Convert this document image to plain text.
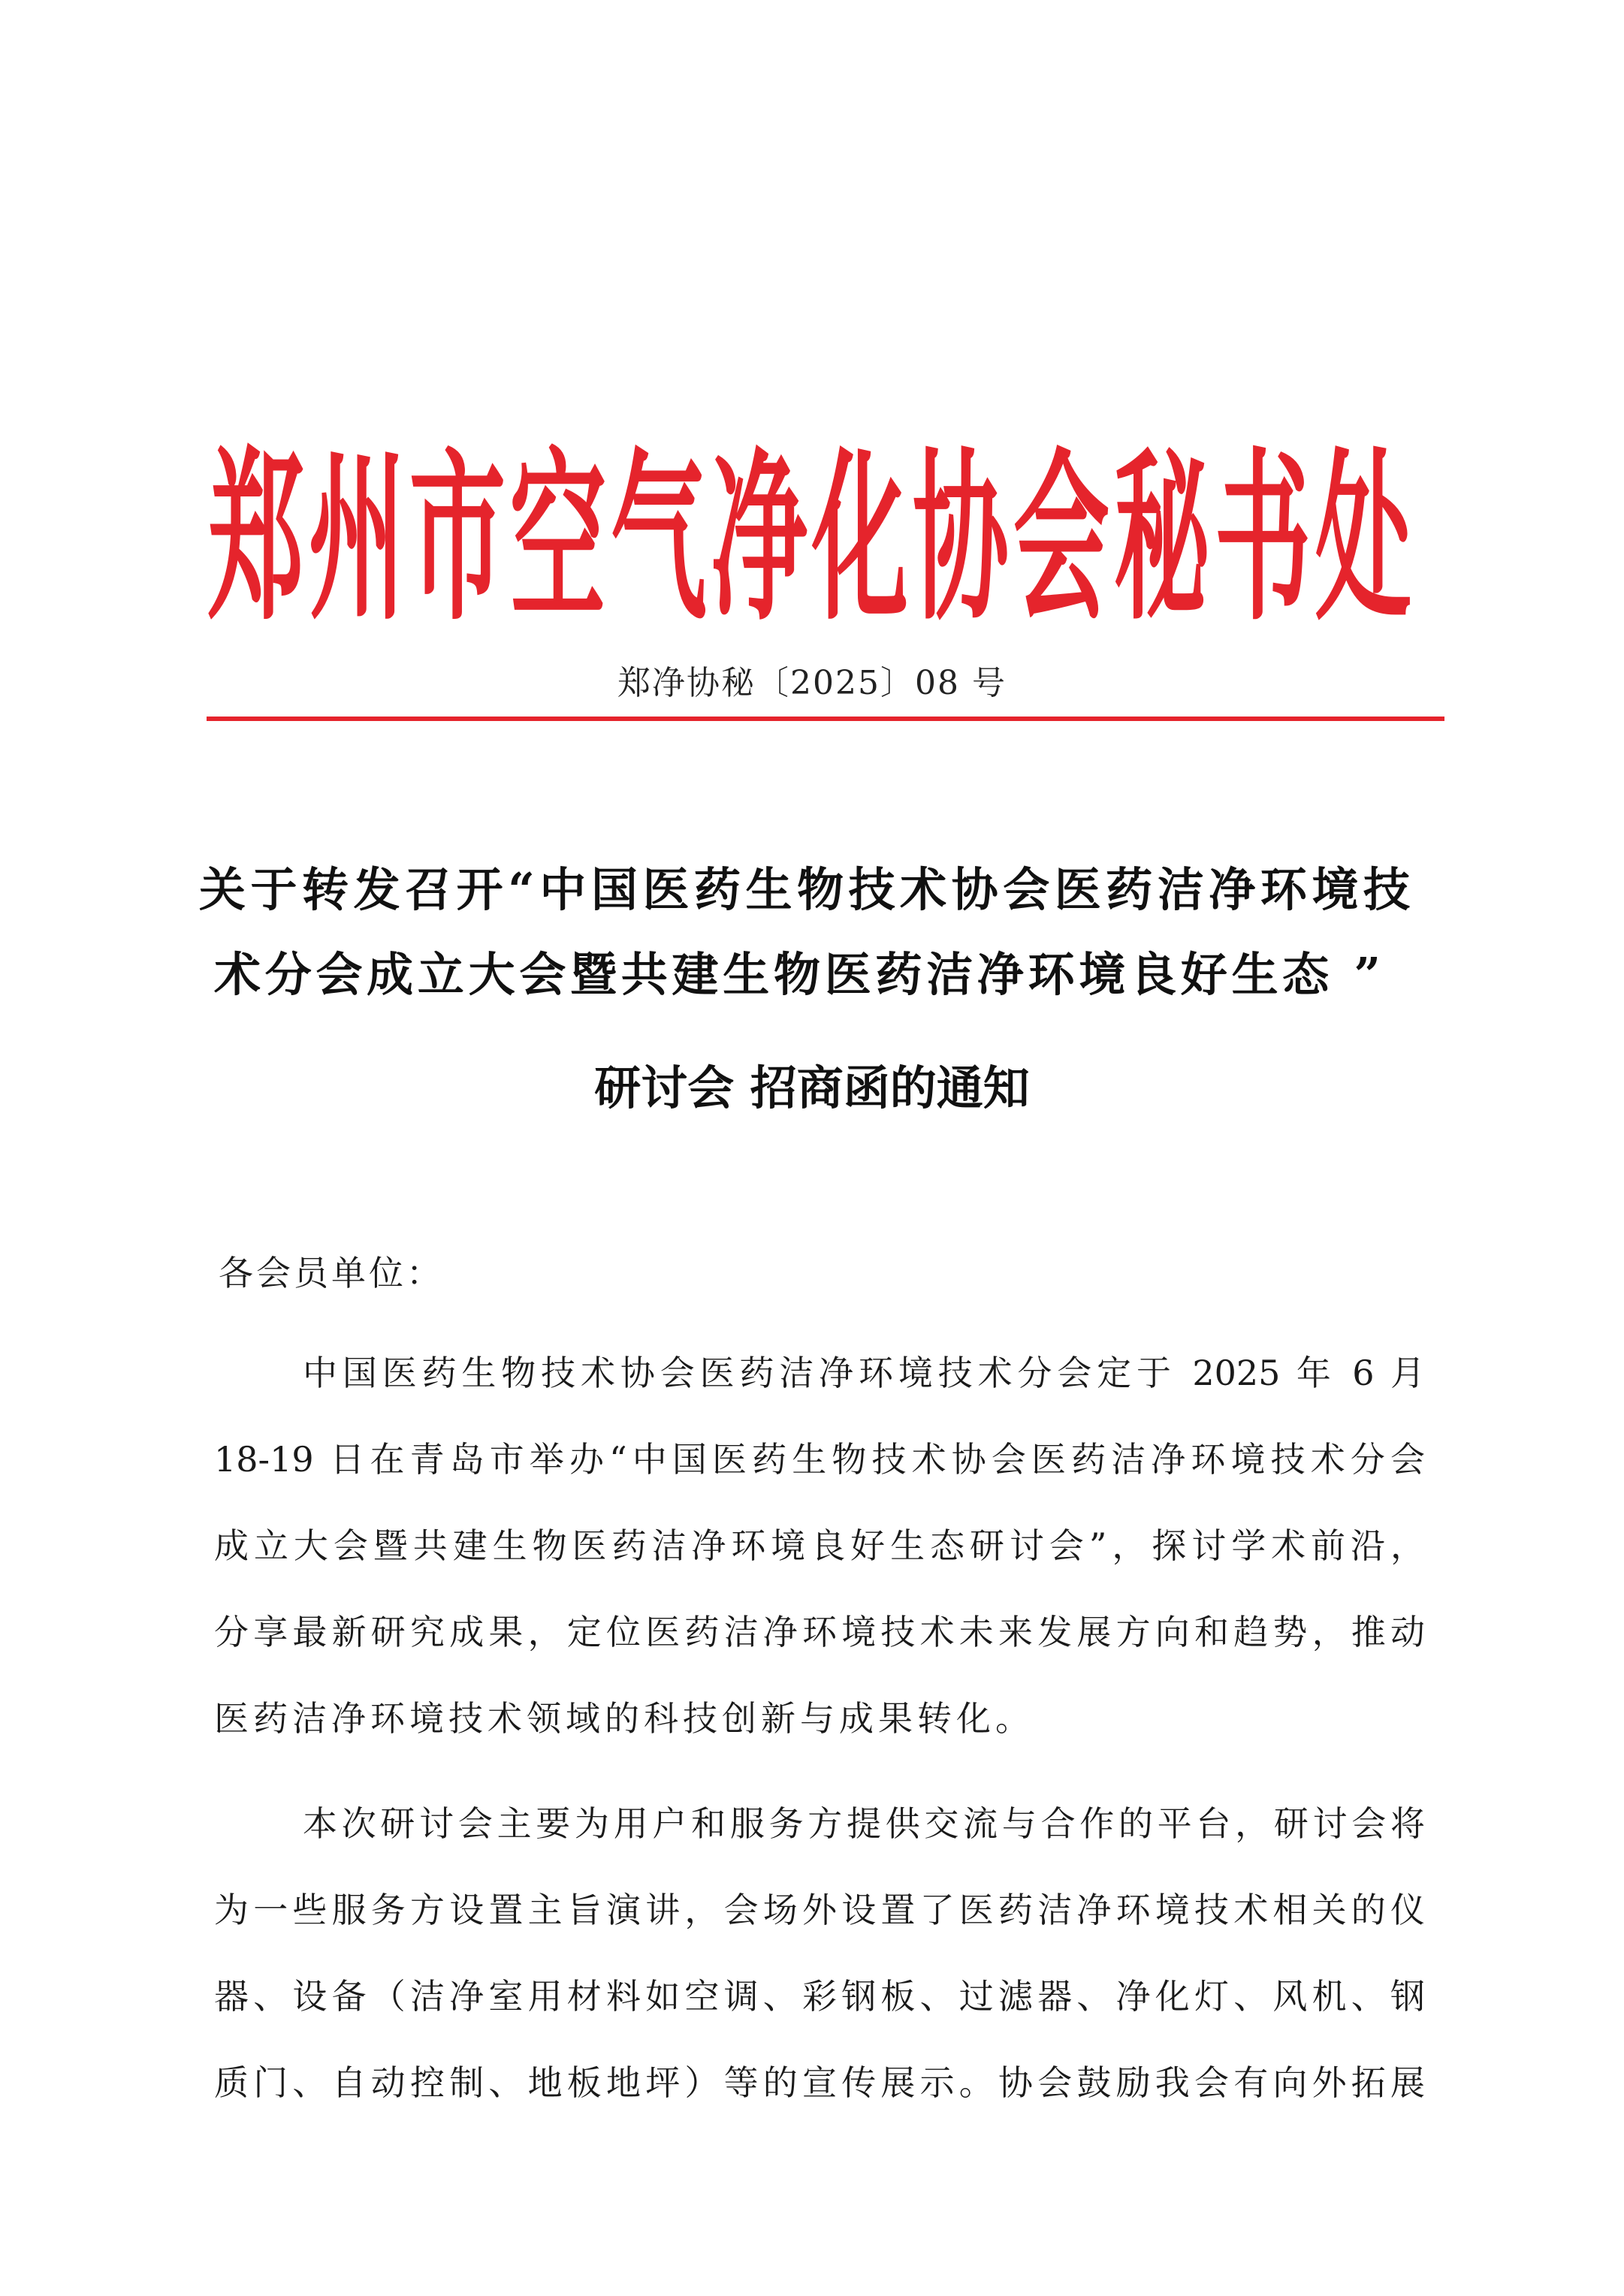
郑州市空气净化协会秘书处
郑净协秘〔2025〕08 号
关于转发召开“中国医药生物技术协会医药洁净环境技
术分会成立大会暨共建生物医药洁净环境良好生态 ”
研讨会 招商函的通知
各会员单位：
中国医药生物技术协会医药洁净环境技术分会定于 2025 年 6 月
18-19 日在青岛市举办“中国医药生物技术协会医药洁净环境技术分会
成立大会暨共建生物医药洁净环境良好生态研讨会”，探讨学术前沿，
分享最新研究成果，定位医药洁净环境技术未来发展方向和趋势，推动
医药洁净环境技术领域的科技创新与成果转化。
本次研讨会主要为用户和服务方提供交流与合作的平台，研讨会将
为一些服务方设置主旨演讲，会场外设置了医药洁净环境技术相关的仪
器、设备（洁净室用材料如空调、彩钢板、过滤器、净化灯、风机、钢
质门、自动控制、地板地坪）等的宣传展示。协会鼓励我会有向外拓展
